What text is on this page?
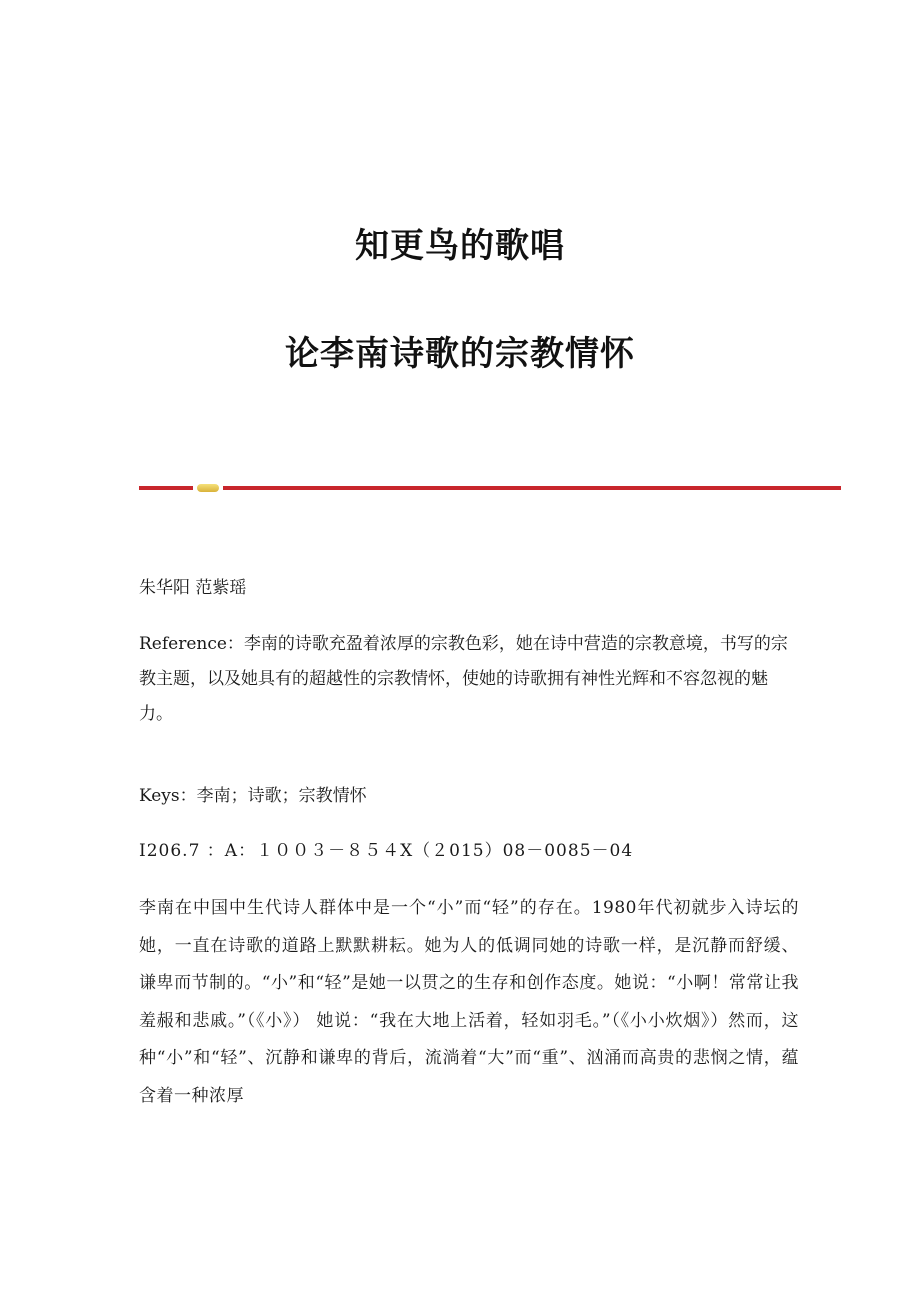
知更鸟的歌唱
论李南诗歌的宗教情怀

朱华阳 范紫瑶

Reference：李南的诗歌充盈着浓厚的宗教色彩，她在诗中营造的宗教意境，书写的宗教主题，以及她具有的超越性的宗教情怀，使她的诗歌拥有神性光辉和不容忽视的魅力。

Keys：李南；诗歌；宗教情怀

I206.7 ：A：１００３－８５４X（２015）08－0085－04

李南在中国中生代诗人群体中是一个“小”而“轻”的存在。1980年代初就步入诗坛的她，一直在诗歌的道路上默默耕耘。她为人的低调同她的诗歌一样，是沉静而舒缓、谦卑而节制的。“小”和“轻”是她一以贯之的生存和创作态度。她说：“小啊！常常让我羞赧和悲戚。”（《小》） 她说：“我在大地上活着，轻如羽毛。”（《小小炊烟》）然而，这种“小”和“轻”、沉静和谦卑的背后，流淌着“大”而“重”、汹涌而高贵的悲悯之情，蕴含着一种浓厚
